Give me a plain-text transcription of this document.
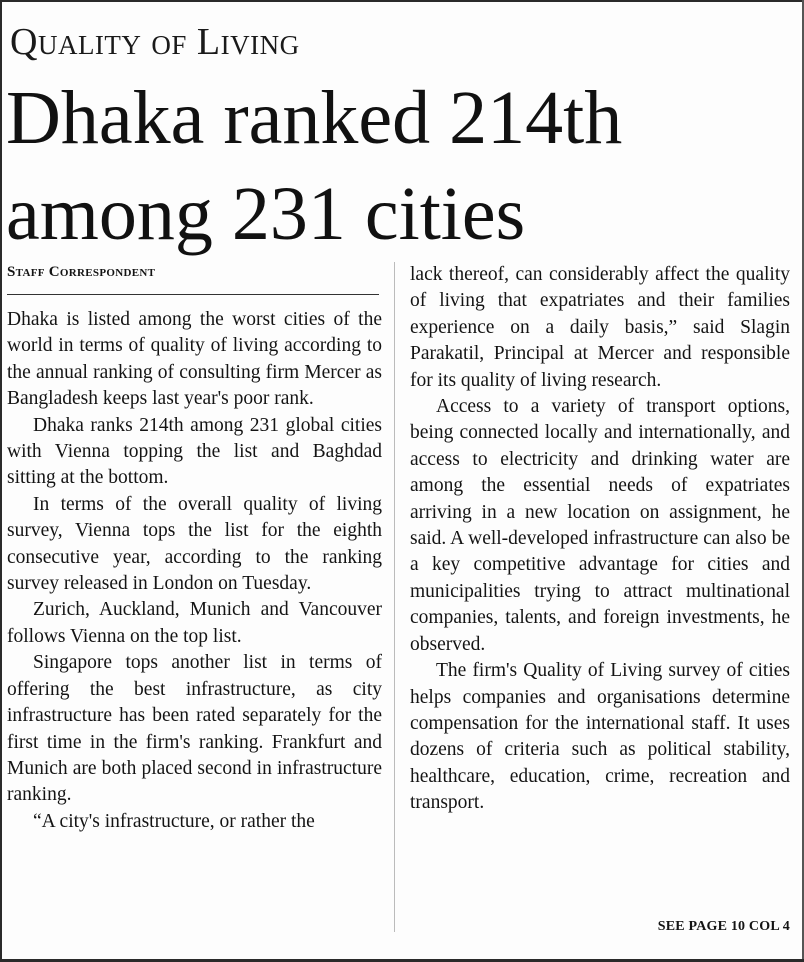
Quality of Living
Dhaka ranked 214th
among 231 cities
Staff Correspondent

Dhaka is listed among the worst cities of the world in terms of quality of living according to the annual ranking of consulting firm Mercer as Bangladesh keeps last year's poor rank.

Dhaka ranks 214th among 231 global cities with Vienna topping the list and Baghdad sitting at the bottom.

In terms of the overall quality of living survey, Vienna tops the list for the eighth consecutive year, according to the ranking survey released in London on Tuesday.

Zurich, Auckland, Munich and Vancouver follows Vienna on the top list.

Singapore tops another list in terms of offering the best infrastructure, as city infrastructure has been rated separately for the first time in the firm's ranking. Frankfurt and Munich are both placed second in infrastructure ranking.

“A city's infrastructure, or rather the

lack thereof, can considerably affect the quality of living that expatriates and their families experience on a daily basis,” said Slagin Parakatil, Principal at Mercer and responsible for its quality of living research.

Access to a variety of transport options, being connected locally and internationally, and access to electricity and drinking water are among the essential needs of expatriates arriving in a new location on assignment, he said. A well-developed infrastructure can also be a key competitive advantage for cities and municipalities trying to attract multinational companies, talents, and foreign investments, he observed.

The firm's Quality of Living survey of cities helps companies and organisations determine compensation for the international staff. It uses dozens of criteria such as political stability, healthcare, education, crime, recreation and transport.

SEE PAGE 10 COL 4
